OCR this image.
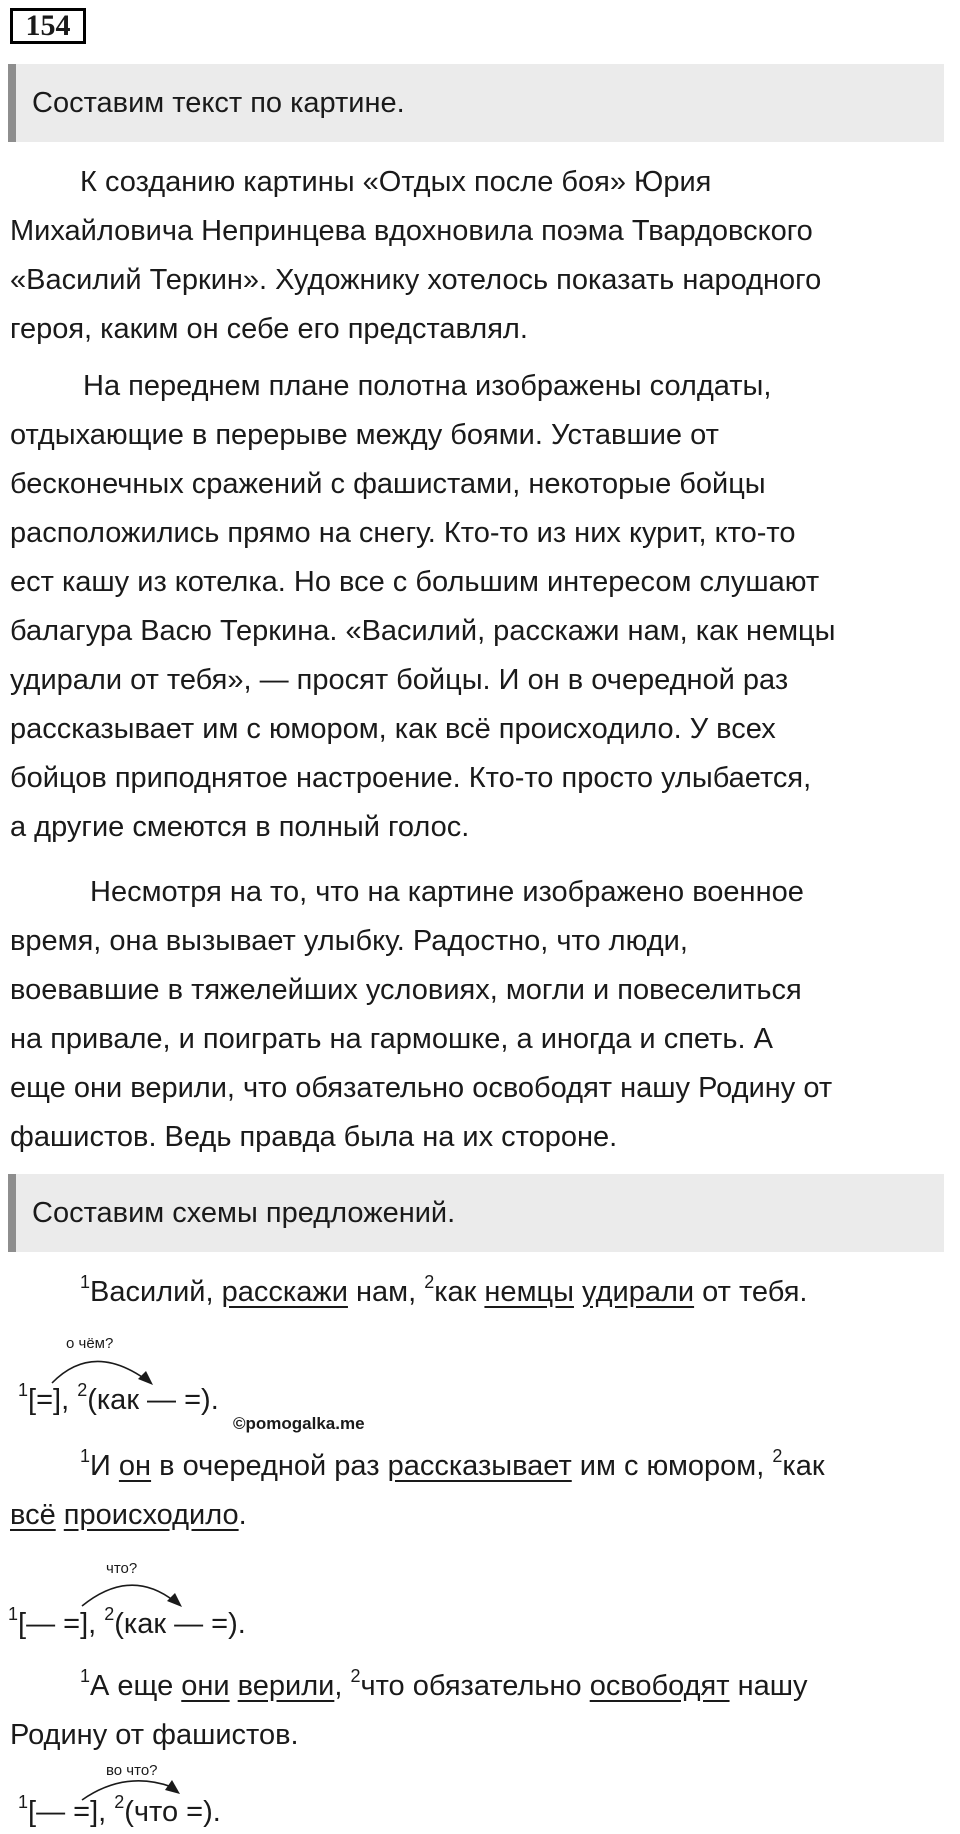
154
Составим текст по картине.
К созданию картины «Отдых после боя» Юрия
Михайловича Непринцева вдохновила поэма Твардовского
«Василий Теркин». Художнику хотелось показать народного
героя, каким он себе его представлял.
На переднем плане полотна изображены солдаты,
отдыхающие в перерыве между боями. Уставшие от
бесконечных сражений с фашистами, некоторые бойцы
расположились прямо на снегу. Кто-то из них курит, кто-то
ест кашу из котелка. Но все с большим интересом слушают
балагура Васю Теркина. «Василий, расскажи нам, как немцы
удирали от тебя», — просят бойцы. И он в очередной раз
рассказывает им с юмором, как всё происходило. У всех
бойцов приподнятое настроение. Кто-то просто улыбается,
а другие смеются в полный голос.
Несмотря на то, что на картине изображено военное
время, она вызывает улыбку. Радостно, что люди,
воевавшие в тяжелейших условиях, могли и повеселиться
на привале, и поиграть на гармошке, а иногда и спеть. А
еще они верили, что обязательно освободят нашу Родину от
фашистов. Ведь правда была на их стороне.
Составим схемы предложений.
$^1$Василий, расскажи нам, $^2$как немцы удирали от тебя.
о чём?
$^1$[=], $^2$(как — =).
©pomogalka.me
$^1$И он в очередной раз рассказывает им с юмором, $^2$как
всё происходило.
что?
$^1$[— =], $^2$(как — =).
$^1$А еще они верили, $^2$что обязательно освободят нашу
Родину от фашистов.
во что?
$^1$[— =], $^2$(что =).
